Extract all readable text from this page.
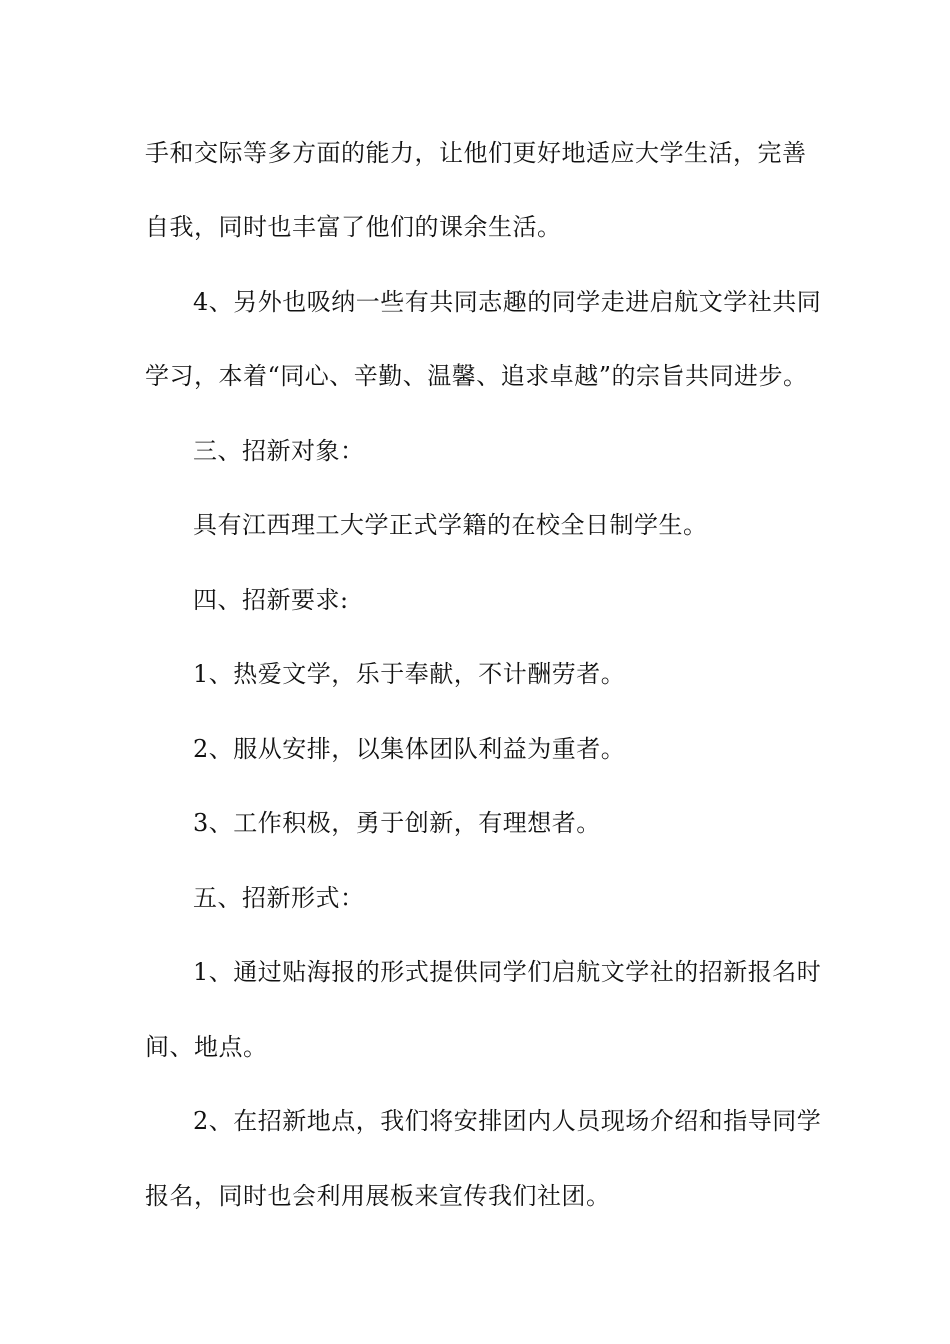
手和交际等多方面的能力，让他们更好地适应大学生活，完善
自我，同时也丰富了他们的课余生活。
4、另外也吸纳一些有共同志趣的同学走进启航文学社共同
学习，本着“同心、辛勤、温馨、追求卓越”的宗旨共同进步。
三、招新对象：
具有江西理工大学正式学籍的在校全日制学生。
四、招新要求:
1、热爱文学，乐于奉献，不计酬劳者。
2、服从安排，以集体团队利益为重者。
3、工作积极，勇于创新，有理想者。
五、招新形式：
1、通过贴海报的形式提供同学们启航文学社的招新报名时
间、地点。
2、在招新地点，我们将安排团内人员现场介绍和指导同学
报名，同时也会利用展板来宣传我们社团。
